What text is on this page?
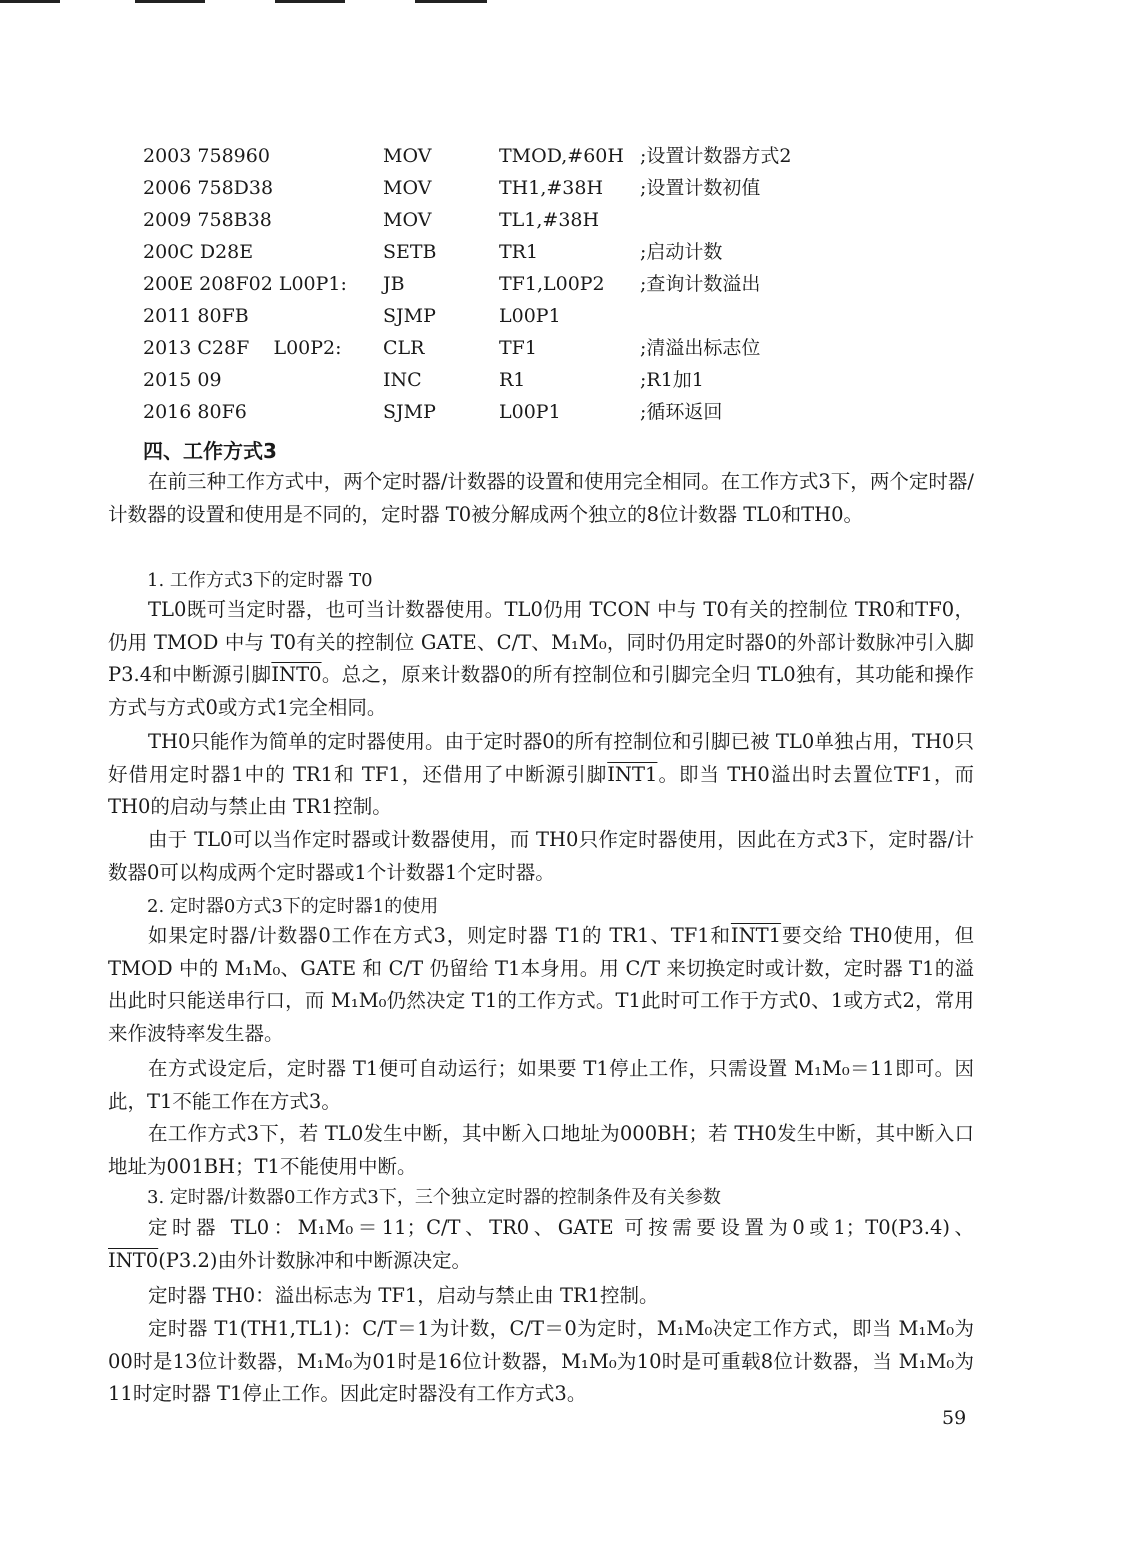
2003 758960	MOV	TMOD,#60H ;设置计数器方式2
2006 758D38	MOV	TH1,#38H ;设置计数初值
2009 758B38	MOV	TL1,#38H
200C D28E	SETB	TR1	;启动计数
200E 208F02 L00P1: JB	TF1,L00P2 ;查询计数溢出
2011 80FB	SJMP	L00P1
2013 C28F    L00P2: CLR	TF1	;清溢出标志位
2015 09	INC	R1	;R1加1
2016 80F6	SJMP	L00P1	;循环返回
四、工作方式3

在前三种工作方式中，两个定时器/计数器的设置和使用完全相同。在工作方式3下，两个定时器/计数器的设置和使用是不同的，定时器 T0被分解成两个独立的8位计数器 TL0和TH0。

1. 工作方式3下的定时器 T0

TL0既可当定时器，也可当计数器使用。TL0仍用 TCON 中与 T0有关的控制位 TR0和TF0，仍用 TMOD 中与 T0有关的控制位 GATE、C/T、M₁M₀，同时仍用定时器0的外部计数脉冲引入脚 P3.4和中断源引脚INT0。总之，原来计数器0的所有控制位和引脚完全归 TL0独有，其功能和操作方式与方式0或方式1完全相同。

TH0只能作为简单的定时器使用。由于定时器0的所有控制位和引脚已被 TL0单独占用，TH0只好借用定时器1中的 TR1和 TF1，还借用了中断源引脚INT1。即当 TH0溢出时去置位TF1，而 TH0的启动与禁止由 TR1控制。

由于 TL0可以当作定时器或计数器使用，而 TH0只作定时器使用，因此在方式3下，定时器/计数器0可以构成两个定时器或1个计数器1个定时器。

2. 定时器0方式3下的定时器1的使用

如果定时器/计数器0工作在方式3，则定时器 T1的 TR1、TF1和INT1要交给 TH0使用，但TMOD 中的 M₁M₀、GATE 和 C/T 仍留给 T1本身用。用 C/T 来切换定时或计数，定时器 T1的溢出此时只能送串行口，而 M₁M₀仍然决定 T1的工作方式。T1此时可工作于方式0、1或方式2，常用来作波特率发生器。

在方式设定后，定时器 T1便可自动运行；如果要 T1停止工作，只需设置 M₁M₀＝11即可。因此，T1不能工作在方式3。

在工作方式3下，若 TL0发生中断，其中断入口地址为000BH；若 TH0发生中断，其中断入口地址为001BH；T1不能使用中断。

3. 定时器/计数器0工作方式3下，三个独立定时器的控制条件及有关参数

定时器 TL0：M₁M₀＝11；C/T、TR0、GATE 可按需要设置为0或1；T0(P3.4)、INT0(P3.2)由外计数脉冲和中断源决定。

定时器 TH0：溢出标志为 TF1，启动与禁止由 TR1控制。

定时器 T1(TH1,TL1)：C/T＝1为计数，C/T＝0为定时，M₁M₀决定工作方式，即当 M₁M₀为00时是13位计数器，M₁M₀为01时是16位计数器，M₁M₀为10时是可重载8位计数器，当 M₁M₀为11时定时器 T1停止工作。因此定时器没有工作方式3。

59
